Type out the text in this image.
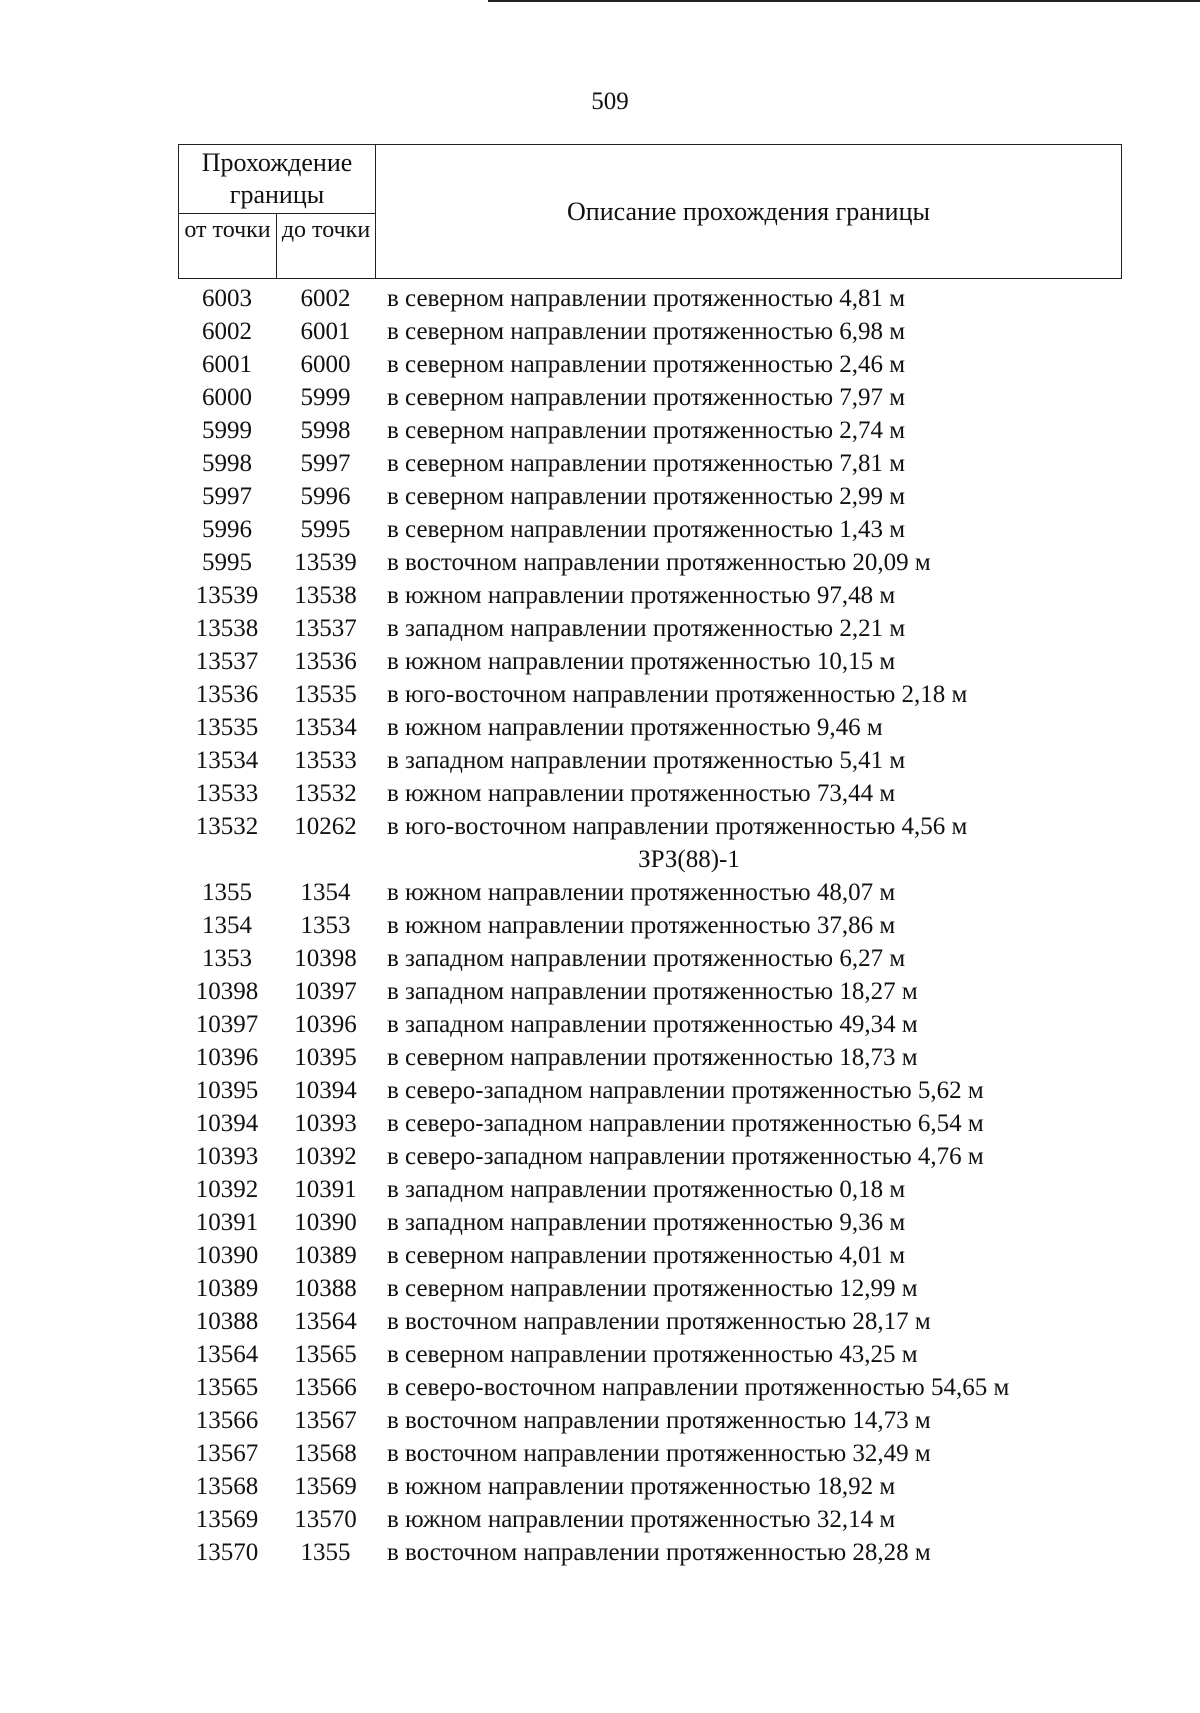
509
Прохождение границы
от точки до точки
Описание прохождения границы
6003	6002	в северном направлении протяженностью 4,81 м
6002	6001	в северном направлении протяженностью 6,98 м
6001	6000	в северном направлении протяженностью 2,46 м
6000	5999	в северном направлении протяженностью 7,97 м
5999	5998	в северном направлении протяженностью 2,74 м
5998	5997	в северном направлении протяженностью 7,81 м
5997	5996	в северном направлении протяженностью 2,99 м
5996	5995	в северном направлении протяженностью 1,43 м
5995	13539	в восточном направлении протяженностью 20,09 м
13539	13538	в южном направлении протяженностью 97,48 м
13538	13537	в западном направлении протяженностью 2,21 м
13537	13536	в южном направлении протяженностью 10,15 м
13536	13535	в юго-восточном направлении протяженностью 2,18 м
13535	13534	в южном направлении протяженностью 9,46 м
13534	13533	в западном направлении протяженностью 5,41 м
13533	13532	в южном направлении протяженностью 73,44 м
13532	10262	в юго-восточном направлении протяженностью 4,56 м
ЗРЗ(88)-1
1355	1354	в южном направлении протяженностью 48,07 м
1354	1353	в южном направлении протяженностью 37,86 м
1353	10398	в западном направлении протяженностью 6,27 м
10398	10397	в западном направлении протяженностью 18,27 м
10397	10396	в западном направлении протяженностью 49,34 м
10396	10395	в северном направлении протяженностью 18,73 м
10395	10394	в северо-западном направлении протяженностью 5,62 м
10394	10393	в северо-западном направлении протяженностью 6,54 м
10393	10392	в северо-западном направлении протяженностью 4,76 м
10392	10391	в западном направлении протяженностью 0,18 м
10391	10390	в западном направлении протяженностью 9,36 м
10390	10389	в северном направлении протяженностью 4,01 м
10389	10388	в северном направлении протяженностью 12,99 м
10388	13564	в восточном направлении протяженностью 28,17 м
13564	13565	в северном направлении протяженностью 43,25 м
13565	13566	в северо-восточном направлении протяженностью 54,65 м
13566	13567	в восточном направлении протяженностью 14,73 м
13567	13568	в восточном направлении протяженностью 32,49 м
13568	13569	в южном направлении протяженностью 18,92 м
13569	13570	в южном направлении протяженностью 32,14 м
13570	1355	в восточном направлении протяженностью 28,28 м
